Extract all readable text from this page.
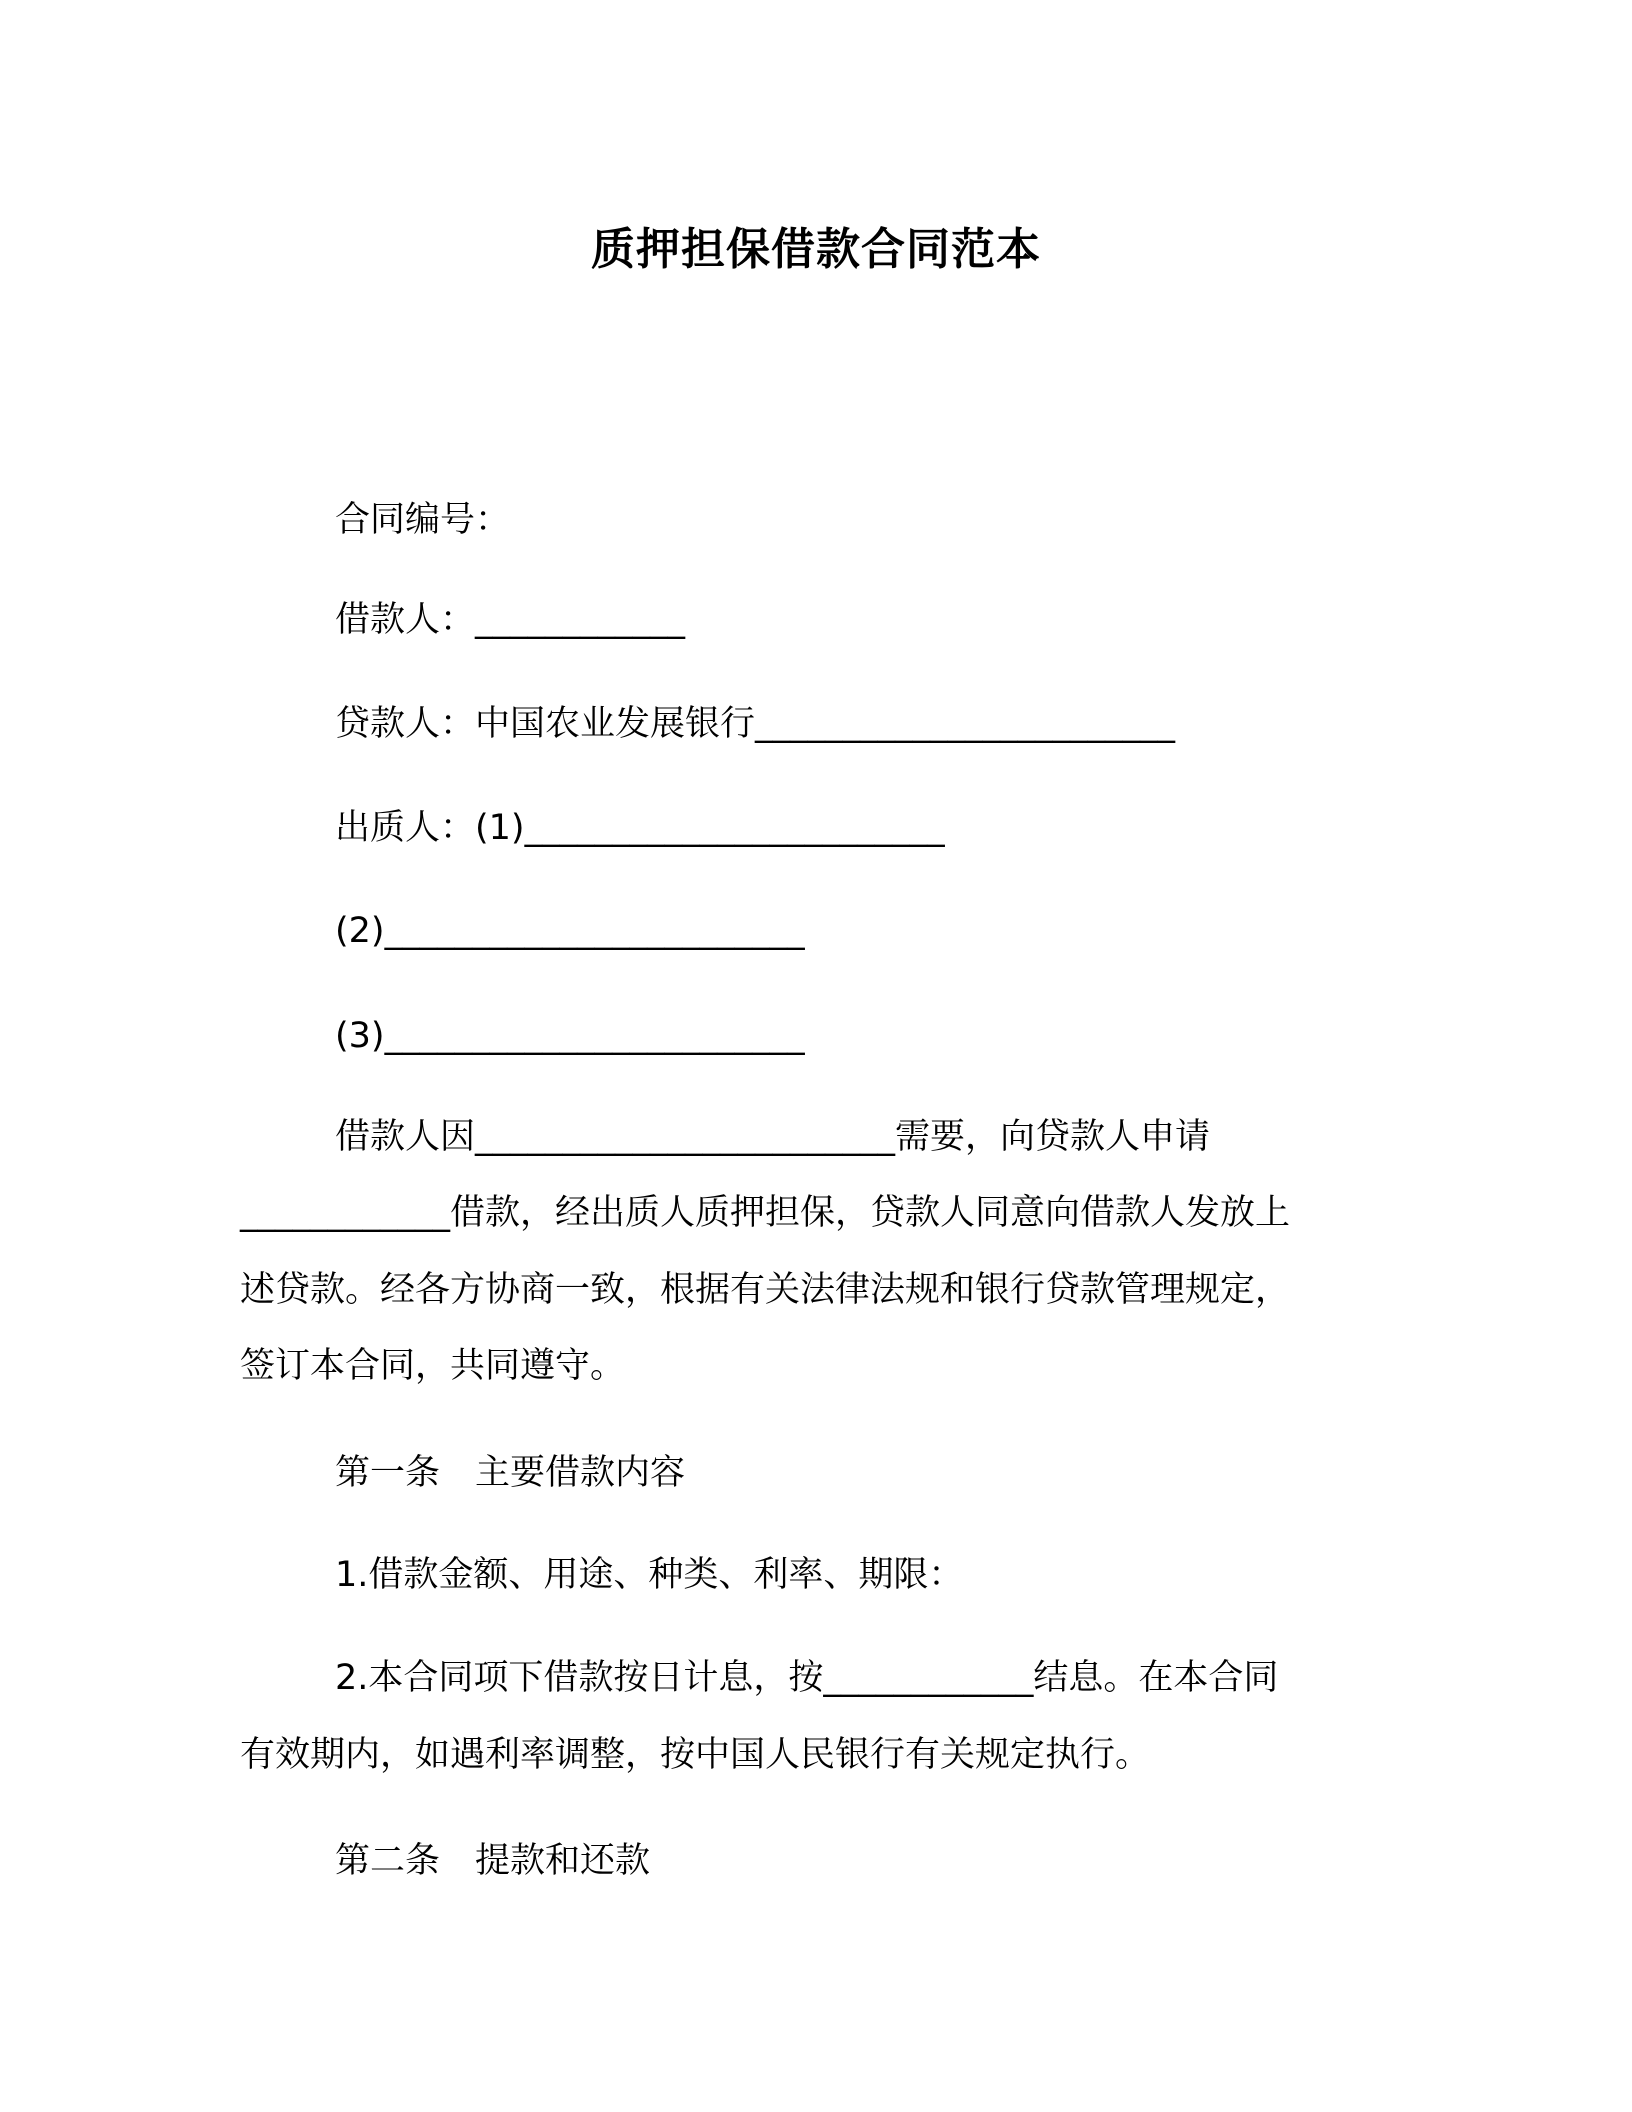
质押担保借款合同范本

合同编号：

借款人：____________

贷款人：中国农业发展银行________________________

出质人：(1)________________________

(2)________________________

(3)________________________

借款人因________________________需要，向贷款人申请

____________借款，经出质人质押担保，贷款人同意向借款人发放上

述贷款。经各方协商一致，根据有关法律法规和银行贷款管理规定，

签订本合同，共同遵守。

第一条　主要借款内容

1.借款金额、用途、种类、利率、期限：

2.本合同项下借款按日计息，按____________结息。在本合同

有效期内，如遇利率调整，按中国人民银行有关规定执行。

第二条　提款和还款
